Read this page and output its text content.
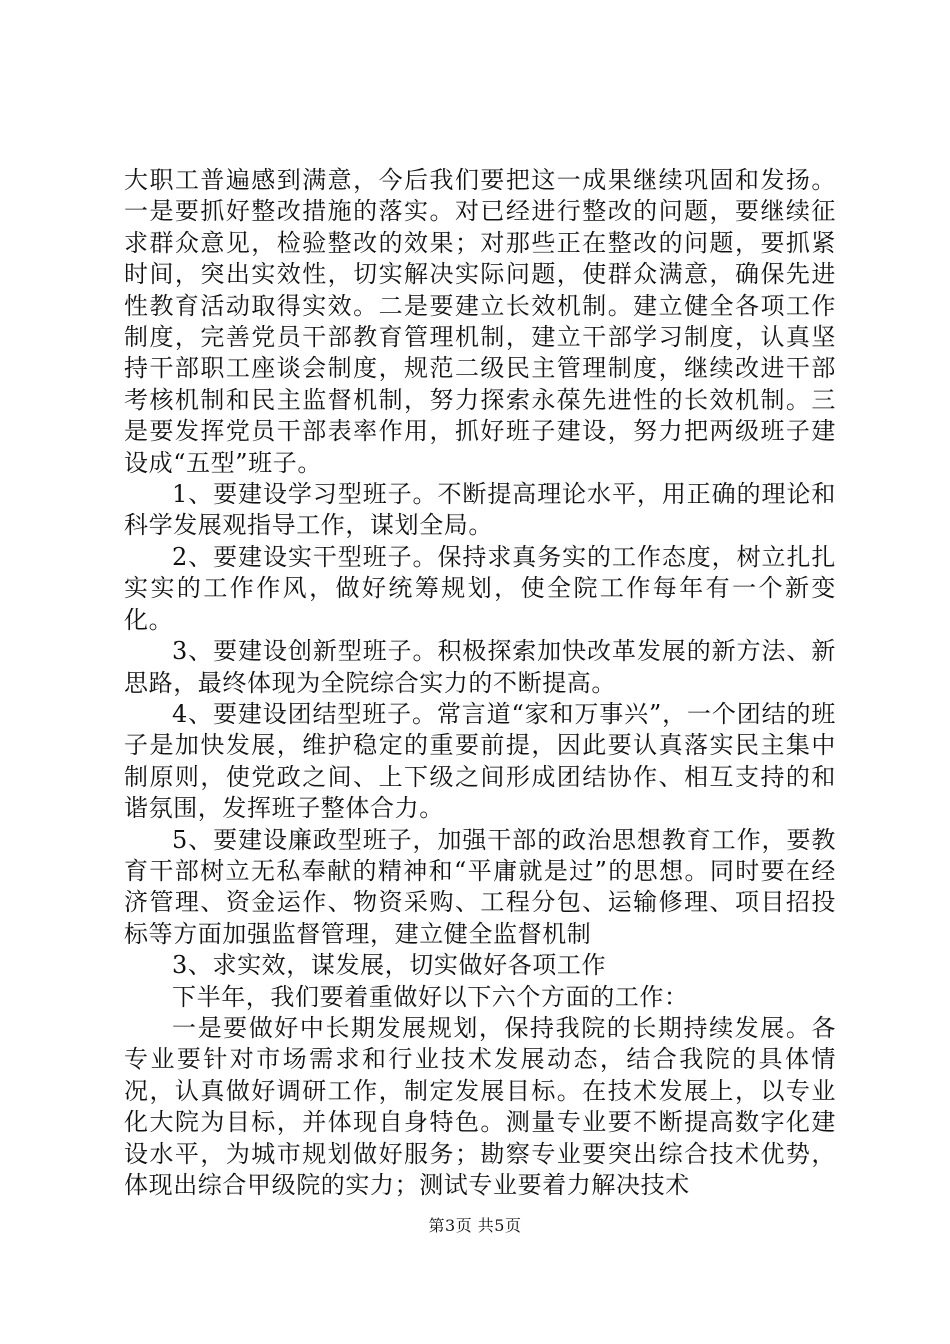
大职工普遍感到满意，今后我们要把这一成果继续巩固和发扬。一是要抓好整改措施的落实。对已经进行整改的问题，要继续征求群众意见，检验整改的效果；对那些正在整改的问题，要抓紧时间，突出实效性，切实解决实际问题，使群众满意，确保先进性教育活动取得实效。二是要建立长效机制。建立健全各项工作制度，完善党员干部教育管理机制，建立干部学习制度，认真坚持干部职工座谈会制度，规范二级民主管理制度，继续改进干部考核机制和民主监督机制，努力探索永葆先进性的长效机制。三是要发挥党员干部表率作用，抓好班子建设，努力把两级班子建设成“五型”班子。

1、要建设学习型班子。不断提高理论水平，用正确的理论和科学发展观指导工作，谋划全局。

2、要建设实干型班子。保持求真务实的工作态度，树立扎扎实实的工作作风，做好统筹规划，使全院工作每年有一个新变化。

3、要建设创新型班子。积极探索加快改革发展的新方法、新思路，最终体现为全院综合实力的不断提高。

4、要建设团结型班子。常言道“家和万事兴”，一个团结的班子是加快发展，维护稳定的重要前提，因此要认真落实民主集中制原则，使党政之间、上下级之间形成团结协作、相互支持的和谐氛围，发挥班子整体合力。

5、要建设廉政型班子，加强干部的政治思想教育工作，要教育干部树立无私奉献的精神和“平庸就是过”的思想。同时要在经济管理、资金运作、物资采购、工程分包、运输修理、项目招投标等方面加强监督管理，建立健全监督机制

3、求实效，谋发展，切实做好各项工作

下半年，我们要着重做好以下六个方面的工作：

一是要做好中长期发展规划，保持我院的长期持续发展。各专业要针对市场需求和行业技术发展动态，结合我院的具体情况，认真做好调研工作，制定发展目标。在技术发展上，以专业化大院为目标，并体现自身特色。测量专业要不断提高数字化建设水平，为城市规划做好服务；勘察专业要突出综合技术优势，体现出综合甲级院的实力；测试专业要着力解决技术

第3页 共5页
